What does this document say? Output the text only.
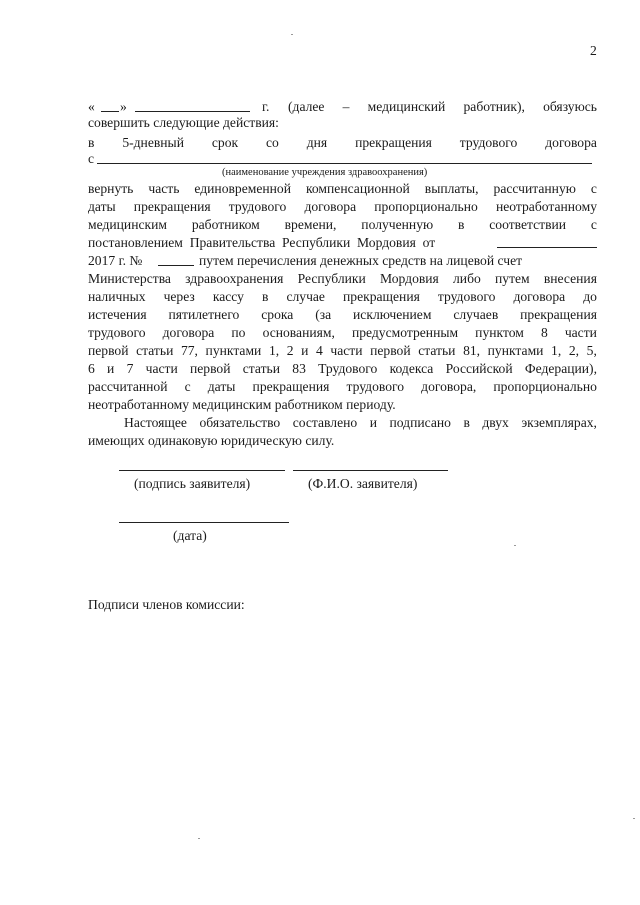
2
« »	г. (далее – медицинский работник), обязуюсь
совершить следующие действия:
в 5-дневный срок со дня прекращения трудового договора
с
(наименование учреждения здравоохранения)
вернуть часть единовременной компенсационной выплаты, рассчитанную с
даты прекращения трудового договора пропорционально неотработанному
медицинским работником времени, полученную в соответствии с
постановлением Правительства Республики Мордовия от
2017 г. №	путем перечисления денежных средств на лицевой счет
Министерства здравоохранения Республики Мордовия либо путем внесения
наличных через кассу в случае прекращения трудового договора до
истечения пятилетнего срока (за исключением случаев прекращения
трудового договора по основаниям, предусмотренным пунктом 8 части
первой статьи 77, пунктами 1, 2 и 4 части первой статьи 81, пунктами 1, 2, 5,
6 и 7 части первой статьи 83 Трудового кодекса Российской Федерации),
рассчитанной с даты прекращения трудового договора, пропорционально
неотработанному медицинским работником периоду.
Настоящее обязательство составлено и подписано в двух экземплярах,
имеющих одинаковую юридическую силу.
(подпись заявителя)	(Ф.И.О. заявителя)
(дата)
Подписи членов комиссии:
